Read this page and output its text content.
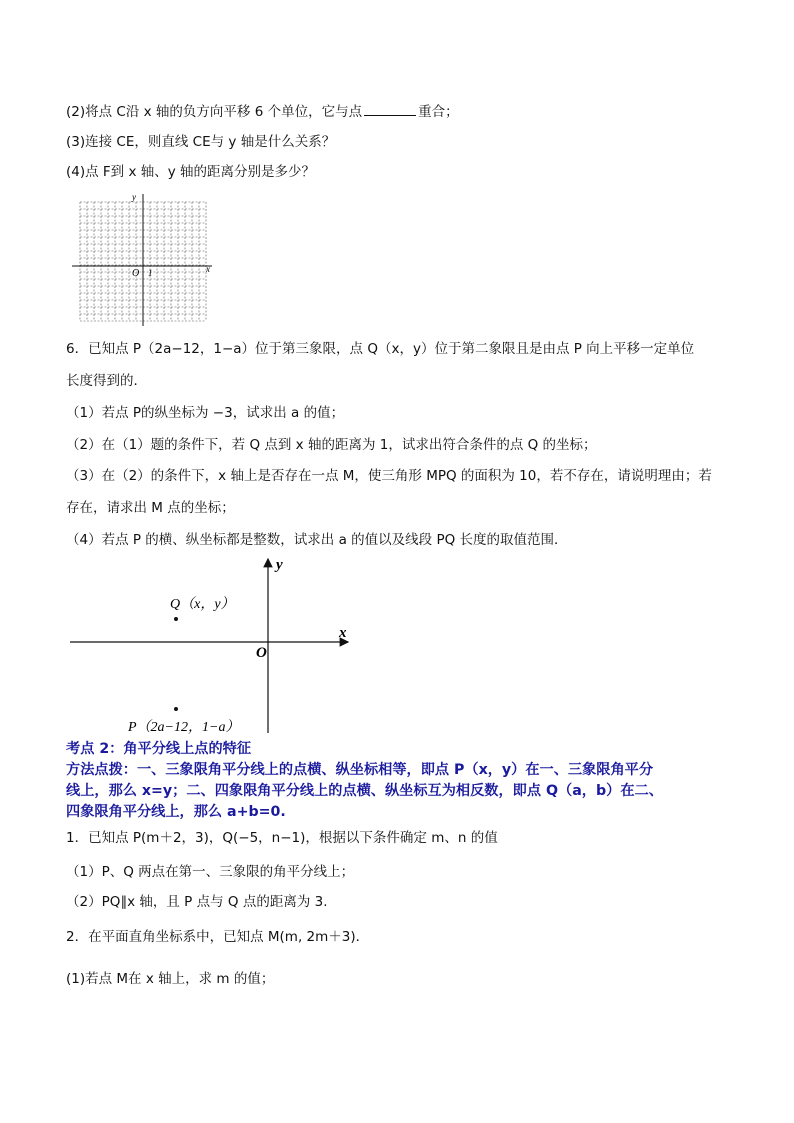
(2)将点 C沿 x 轴的负方向平移 6 个单位，它与点	重合；
(3)连接 CE，则直线 CE与 y 轴是什么关系？
(4)点 F到 x 轴、y 轴的距离分别是多少？
y
x
O 1
6．已知点 P（2a−12，1−a）位于第三象限，点 Q（x，y）位于第二象限且是由点 P 向上平移一定单位
长度得到的．
（1）若点 P的纵坐标为 −3，试求出 a 的值；
（2）在（1）题的条件下，若 Q 点到 x 轴的距离为 1，试求出符合条件的点 Q 的坐标；
（3）在（2）的条件下，x 轴上是否存在一点 M，使三角形 MPQ 的面积为 10，若不存在，请说明理由；若
存在，请求出 M 点的坐标；
（4）若点 P 的横、纵坐标都是整数，试求出 a 的值以及线段 PQ 长度的取值范围．
y
x
O
Q（x，y）
P（2a−12，1−a）
考点 2：角平分线上点的特征
方法点拨：一、三象限角平分线上的点横、纵坐标相等，即点 P（x，y）在一、三象限角平分
线上，那么 x=y；二、四象限角平分线上的点横、纵坐标互为相反数，即点 Q（a，b）在二、
四象限角平分线上，那么 a+b=0.
1．已知点 P(m＋2，3)，Q(−5，n−1)，根据以下条件确定 m、n 的值
（1）P、Q 两点在第一、三象限的角平分线上；
（2）PQ∥x 轴，且 P 点与 Q 点的距离为 3.
2．在平面直角坐标系中，已知点 M(m, 2m＋3)．
(1)若点 M在 x 轴上，求 m 的值；
